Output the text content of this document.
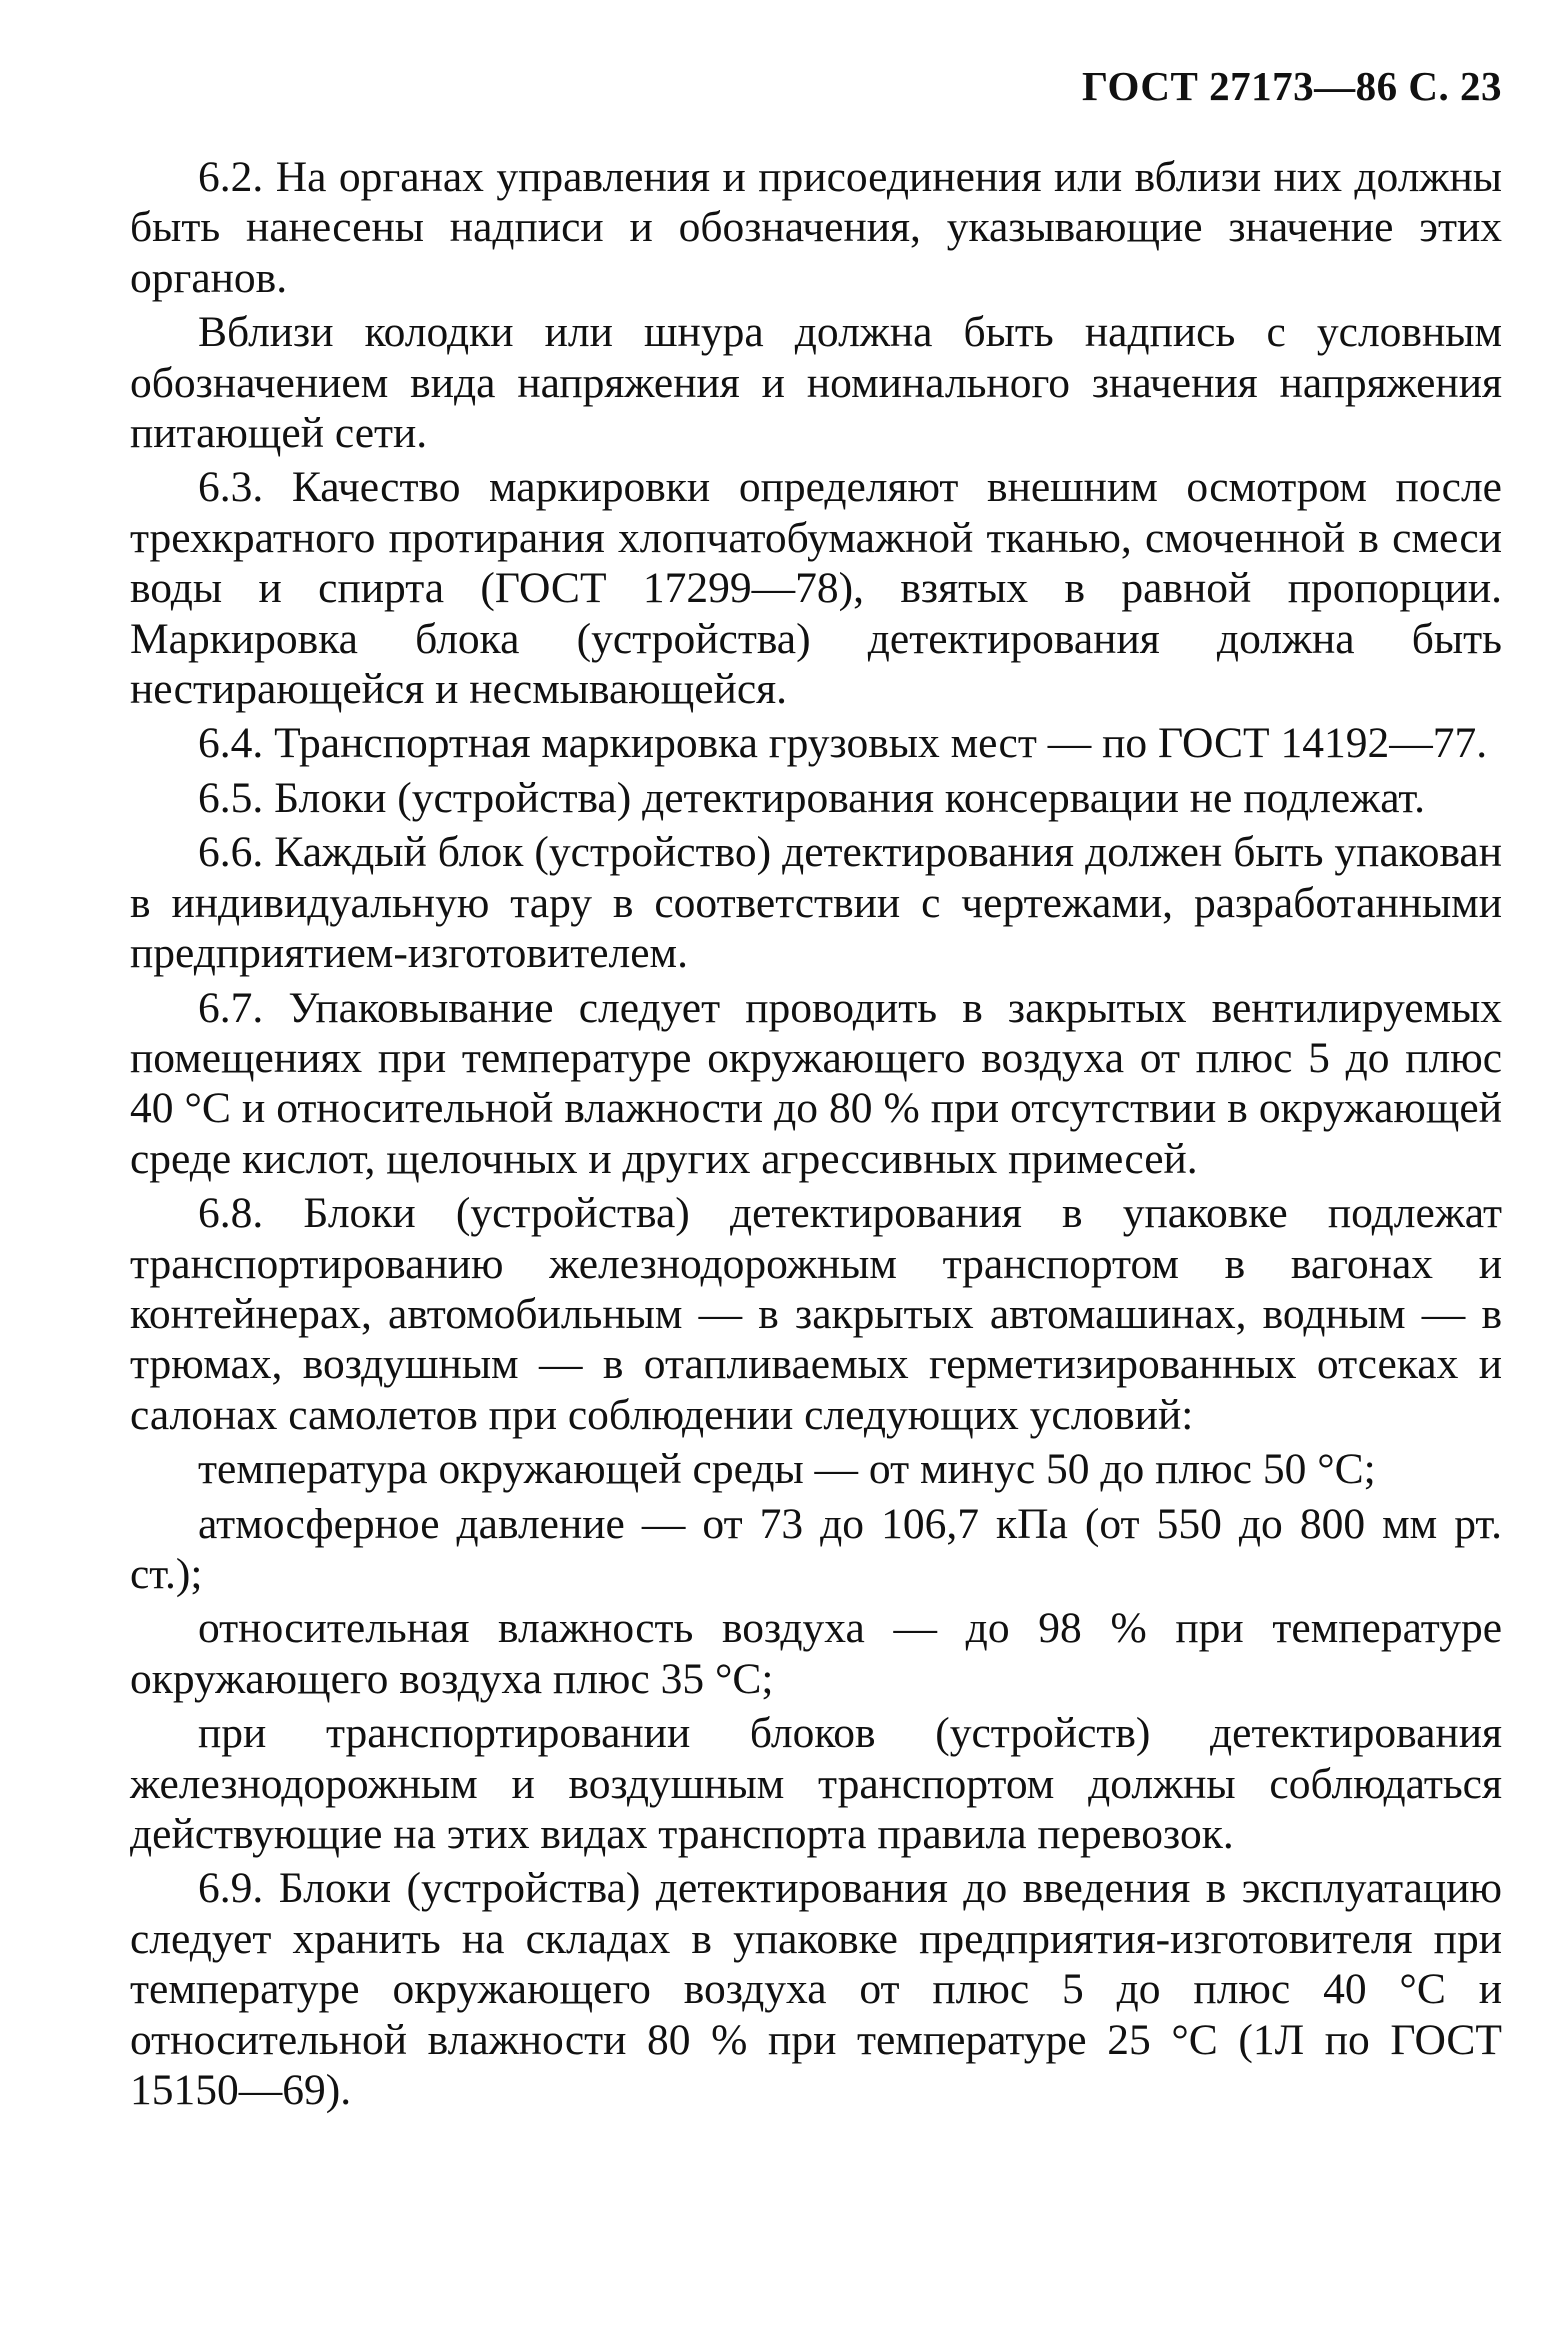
ГОСТ 27173—86 С. 23

6.2. На органах управления и присоединения или вблизи них должны быть нанесены надписи и обозначения, указывающие значение этих органов.

Вблизи колодки или шнура должна быть надпись с условным обозначением вида напряжения и номинального значения напряжения питающей сети.

6.3. Качество маркировки определяют внешним осмотром после трехкратного протирания хлопчатобумажной тканью, смоченной в смеси воды и спирта (ГОСТ 17299—78), взятых в равной пропорции. Маркировка блока (устройства) детектирования должна быть нестирающейся и несмывающейся.

6.4. Транспортная маркировка грузовых мест — по ГОСТ 14192—77.

6.5. Блоки (устройства) детектирования консервации не подлежат.

6.6. Каждый блок (устройство) детектирования должен быть упакован в индивидуальную тару в соответствии с чертежами, разработанными предприятием-изготовителем.

6.7. Упаковывание следует проводить в закрытых вентилируемых помещениях при температуре окружающего воздуха от плюс 5 до плюс 40 °С и относительной влажности до 80 % при отсутствии в окружающей среде кислот, щелочных и других агрессивных примесей.

6.8. Блоки (устройства) детектирования в упаковке подлежат транспортированию железнодорожным транспортом в вагонах и контейнерах, автомобильным — в закрытых автомашинах, водным — в трюмах, воздушным — в отапливаемых герметизированных отсеках и салонах самолетов при соблюдении следующих условий:

температура окружающей среды — от минус 50 до плюс 50 °С;

атмосферное давление — от 73 до 106,7 кПа (от 550 до 800 мм рт. ст.);

относительная влажность воздуха — до 98 % при температуре окружающего воздуха плюс 35 °С;

при транспортировании блоков (устройств) детектирования железнодорожным и воздушным транспортом должны соблюдаться действующие на этих видах транспорта правила перевозок.

6.9. Блоки (устройства) детектирования до введения в эксплуатацию следует хранить на складах в упаковке предприятия-изготовителя при температуре окружающего воздуха от плюс 5 до плюс 40 °С и относительной влажности 80 % при температуре 25 °С (1Л по ГОСТ 15150—69).
